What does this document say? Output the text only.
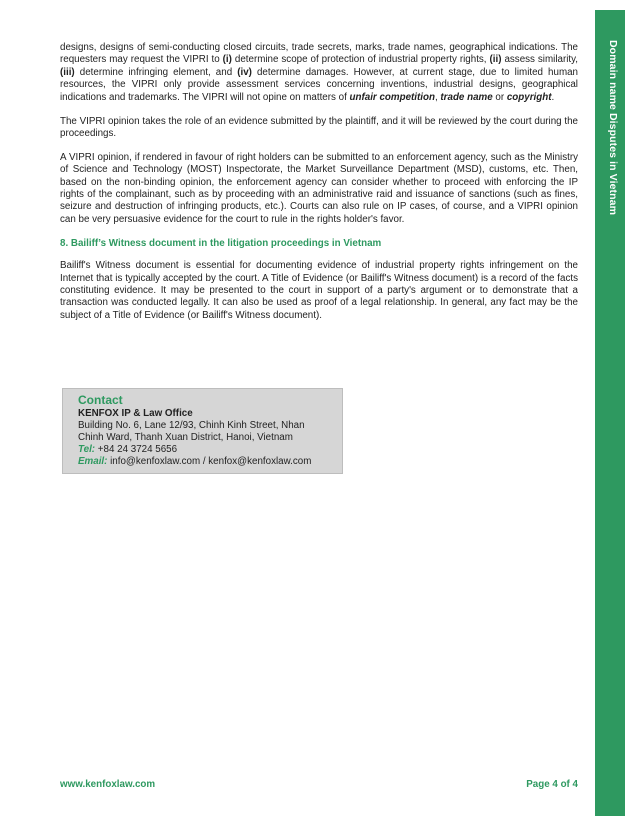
Domain name Disputes in Vietnam

designs, designs of semi-conducting closed circuits, trade secrets, marks, trade names, geographical indications. The requesters may request the VIPRI to (i) determine scope of protection of industrial property rights, (ii) assess similarity, (iii) determine infringing element, and (iv) determine damages. However, at current stage, due to limited human resources, the VIPRI only provide assessment services concerning inventions, industrial designs, geographical indications and trademarks. The VIPRI will not opine on matters of unfair competition, trade name or copyright.

The VIPRI opinion takes the role of an evidence submitted by the plaintiff, and it will be reviewed by the court during the proceedings.

A VIPRI opinion, if rendered in favour of right holders can be submitted to an enforcement agency, such as the Ministry of Science and Technology (MOST) Inspectorate, the Market Surveillance Department (MSD), customs, etc. Then, based on the non-binding opinion, the enforcement agency can consider whether to proceed with enforcing the IP rights of the complainant, such as by proceeding with an administrative raid and issuance of sanctions (such as fines, seizure and destruction of infringing products, etc.). Courts can also rule on IP cases, of course, and a VIPRI opinion can be very persuasive evidence for the court to rule in the rights holder's favor.

8. Bailiff’s Witness document in the litigation proceedings in Vietnam

Bailiff's Witness document is essential for documenting evidence of industrial property rights infringement on the Internet that is typically accepted by the court. A Title of Evidence (or Bailiff's Witness document) is a record of the facts constituting evidence. It may be presented to the court in support of a party's argument or to demonstrate that a transaction was conducted legally. It can also be used as proof of a legal relationship. In general, any fact may be the subject of a Title of Evidence (or Bailiff's Witness document).

Contact
KENFOX IP & Law Office
Building No. 6, Lane 12/93, Chinh Kinh Street, Nhan
Chinh Ward, Thanh Xuan District, Hanoi, Vietnam
Tel: +84 24 3724 5656
Email: info@kenfoxlaw.com / kenfox@kenfoxlaw.com
www.kenfoxlaw.com	Page 4 of 4
